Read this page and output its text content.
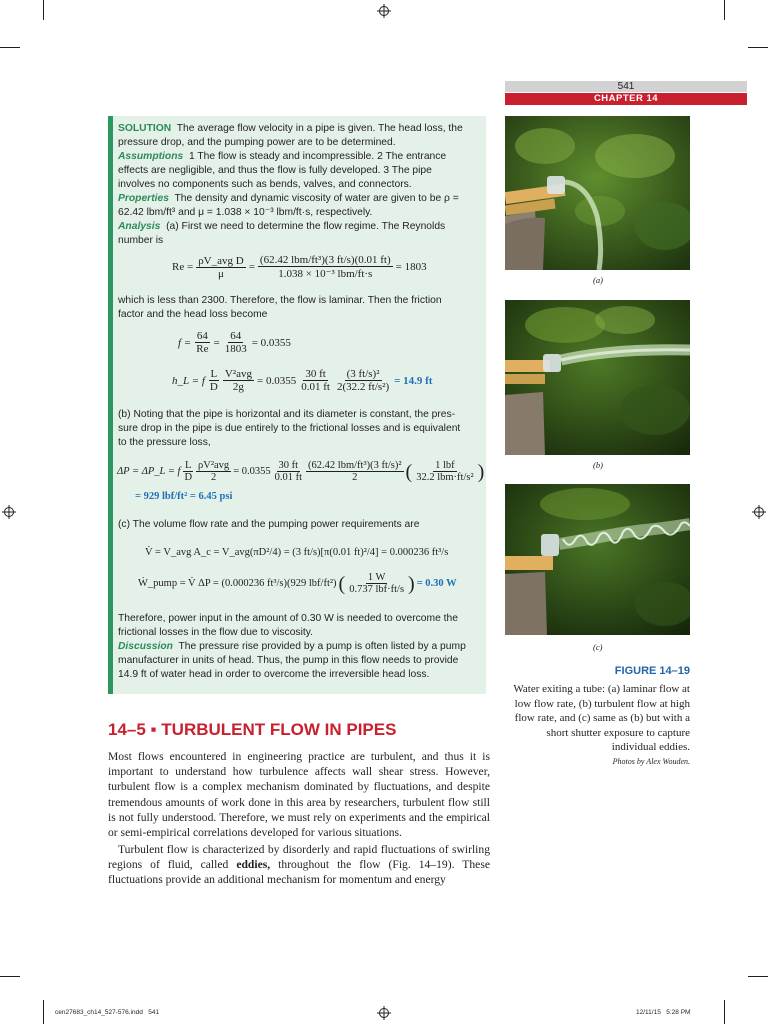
541
CHAPTER 14
SOLUTION The average flow velocity in a pipe is given. The head loss, the
pressure drop, and the pumping power are to be determined.
Assumptions 1 The flow is steady and incompressible. 2 The entrance
effects are negligible, and thus the flow is fully developed. 3 The pipe
involves no components such as bends, valves, and connectors.
Properties The density and dynamic viscosity of water are given to be ρ =
62.42 lbm/ft³ and μ = 1.038 × 10⁻³ lbm/ft·s, respectively.
Analysis (a) First we need to determine the flow regime. The Reynolds
number is
$Re = \frac{\text{ρV\_avg D}}{\mu} = \frac{\text{(62.42 lbm/ft³)(3 ft/s)(0.01 ft)}}{\text{1.038 × 10⁻³ lbm/ft·s}} = 1803$
which is less than 2300. Therefore, the flow is laminar. Then the friction
factor and the head loss become
$f = \frac{64}{Re} = \frac{64}{1803} = 0.0355$
h_L = f $\frac{L}{D} \frac{\text{V²avg}}{2g} = 0.0355 \frac{30 ft}{0.01 ft} \frac{\text{(3 ft/s)²}}{\text{2(32.2 ft/s²)}} = 14.9$ ft
(b) Noting that the pipe is horizontal and its diameter is constant, the pres-
sure drop in the pipe is due entirely to the frictional losses and is equivalent
to the pressure loss,
ΔP = ΔP_L = f $\frac{L}{D} \frac{\text{ρV²avg}}{2} = 0.0355 \frac{30 ft}{0.01 ft} \frac{\text{(62.42 lbm/ft³)(3 ft/s)²}}{2}$ ( $\frac{\text{1 lbf}}{\text{32.2 lbm·ft/s²}}$ )
= 929 lbf/ft² = 6.45 psi
(c) The volume flow rate and the pumping power requirements are
V̇ = V_avg A_c = V_avg(πD²/4) = (3 ft/s)[π(0.01 ft)²/4] = 0.000236 ft³/s
Ẇ_pump = V̇ ΔP = (0.000236 ft³/s)(929 lbf/ft²) ( $\frac{1 W}{\text{0.737 lbf·ft/s}}$ ) = 0.30 W
Therefore, power input in the amount of 0.30 W is needed to overcome the
frictional losses in the flow due to viscosity.
Discussion The pressure rise provided by a pump is often listed by a pump
manufacturer in units of head. Thus, the pump in this flow needs to provide
14.9 ft of water head in order to overcome the irreversible head loss.
14–5 ▪ TURBULENT FLOW IN PIPES
Most flows encountered in engineering practice are turbulent, and thus it is important to understand how turbulence affects wall shear stress. However, turbulent flow is a complex mechanism dominated by fluctuations, and despite tremendous amounts of work done in this area by researchers, turbulent flow still is not fully understood. Therefore, we must rely on experiments and the empirical or semi-empirical correlations developed for various situations.
Turbulent flow is characterized by disorderly and rapid fluctuations of swirling regions of fluid, called eddies, throughout the flow (Fig. 14–19). These fluctuations provide an additional mechanism for momentum and energy
(a)
(b)
(c)
FIGURE 14–19
Water exiting a tube: (a) laminar flow at low flow rate, (b) turbulent flow at high flow rate, and (c) same as (b) but with a short shutter exposure to capture individual eddies.
Photos by Alex Wouden.
cen27683_ch14_527-576.indd   541	12/11/15   5:28 PM
